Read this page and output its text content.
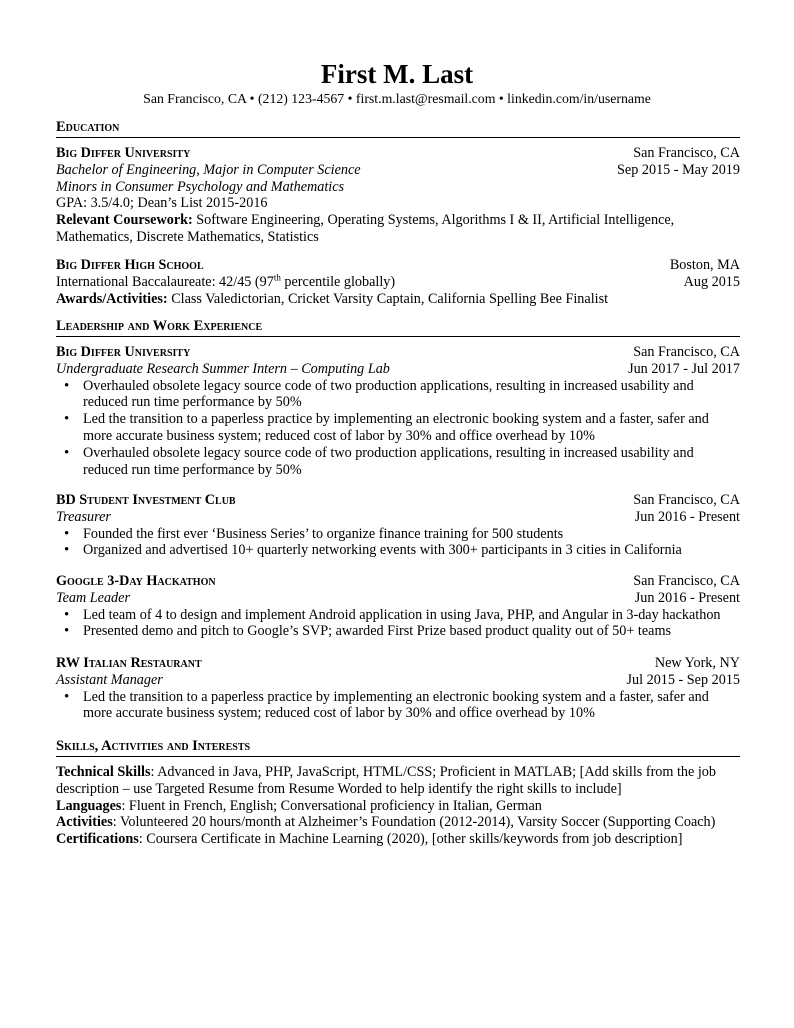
First M. Last
San Francisco, CA • (212) 123-4567 • first.m.last@resmail.com • linkedin.com/in/username
Education
Big Differ University	San Francisco, CA
Bachelor of Engineering, Major in Computer Science	Sep 2015 - May 2019
Minors in Consumer Psychology and Mathematics
GPA: 3.5/4.0; Dean’s List 2015-2016
Relevant Coursework: Software Engineering, Operating Systems, Algorithms I & II, Artificial Intelligence, Mathematics, Discrete Mathematics, Statistics
Big Differ High School	Boston, MA
International Baccalaureate: 42/45 (97th percentile globally)	Aug 2015
Awards/Activities: Class Valedictorian, Cricket Varsity Captain, California Spelling Bee Finalist
Leadership and Work Experience
Big Differ University	San Francisco, CA
Undergraduate Research Summer Intern – Computing Lab	Jun 2017 - Jul 2017
• Overhauled obsolete legacy source code of two production applications, resulting in increased usability and reduced run time performance by 50%
• Led the transition to a paperless practice by implementing an electronic booking system and a faster, safer and more accurate business system; reduced cost of labor by 30% and office overhead by 10%
• Overhauled obsolete legacy source code of two production applications, resulting in increased usability and reduced run time performance by 50%
BD Student Investment Club	San Francisco, CA
Treasurer	Jun 2016 - Present
• Founded the first ever ‘Business Series’ to organize finance training for 500 students
• Organized and advertised 10+ quarterly networking events with 300+ participants in 3 cities in California
Google 3-Day Hackathon	San Francisco, CA
Team Leader	Jun 2016 - Present
• Led team of 4 to design and implement Android application in using Java, PHP, and Angular in 3-day hackathon
• Presented demo and pitch to Google’s SVP; awarded First Prize based product quality out of 50+ teams
RW Italian Restaurant	New York, NY
Assistant Manager	Jul 2015 - Sep 2015
• Led the transition to a paperless practice by implementing an electronic booking system and a faster, safer and more accurate business system; reduced cost of labor by 30% and office overhead by 10%
Skills, Activities and Interests
Technical Skills: Advanced in Java, PHP, JavaScript, HTML/CSS; Proficient in MATLAB; [Add skills from the job description – use Targeted Resume from Resume Worded to help identify the right skills to include]
Languages: Fluent in French, English; Conversational proficiency in Italian, German
Activities: Volunteered 20 hours/month at Alzheimer’s Foundation (2012-2014), Varsity Soccer (Supporting Coach)
Certifications: Coursera Certificate in Machine Learning (2020), [other skills/keywords from job description]
